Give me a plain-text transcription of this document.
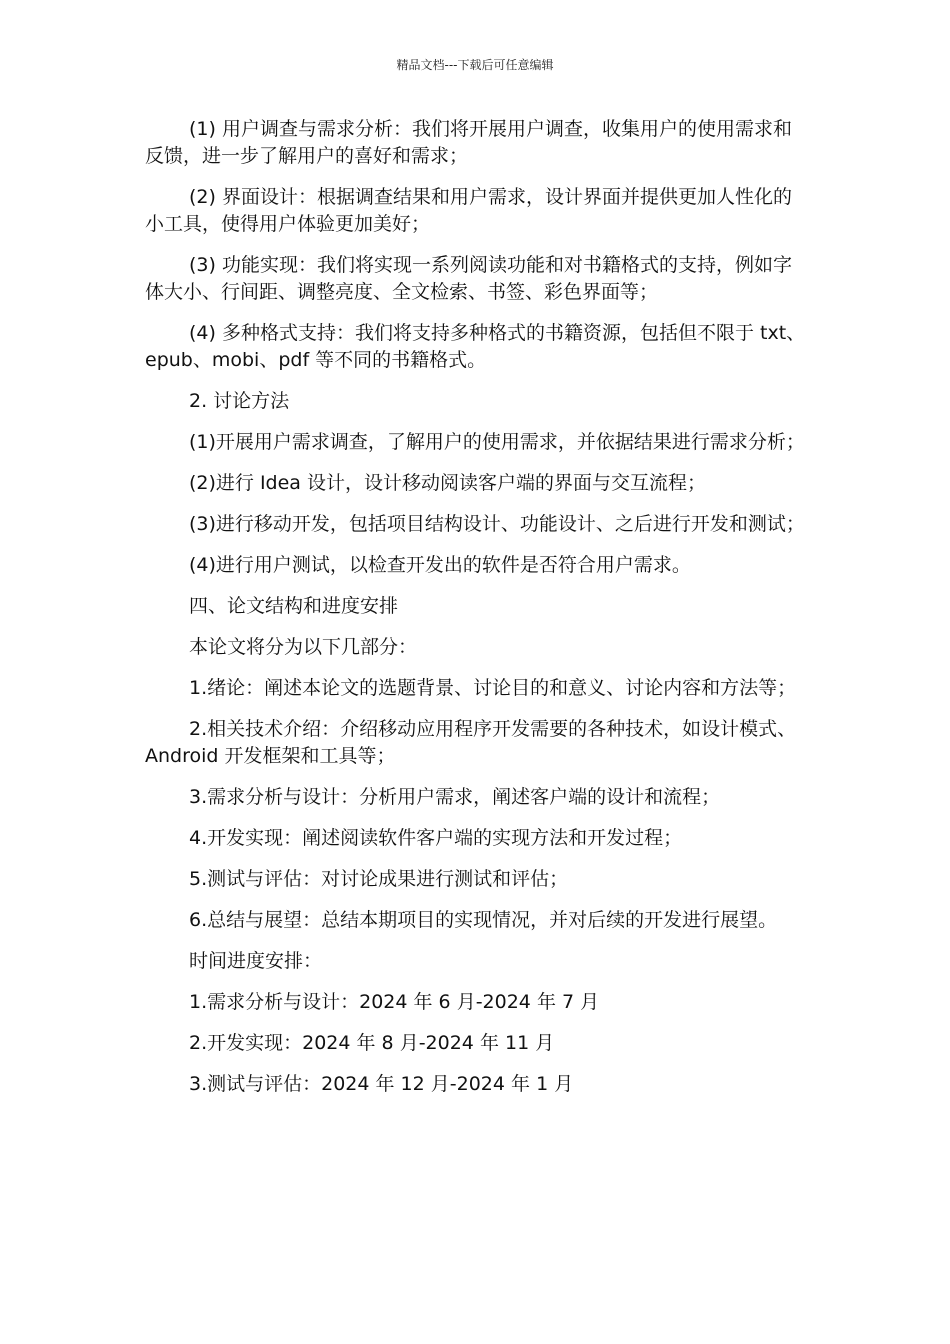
精品文档---下载后可任意编辑

(1) 用户调查与需求分析：我们将开展用户调查，收集用户的使用需求和反馈，进一步了解用户的喜好和需求；

(2) 界面设计：根据调查结果和用户需求，设计界面并提供更加人性化的小工具，使得用户体验更加美好；

(3) 功能实现：我们将实现一系列阅读功能和对书籍格式的支持，例如字体大小、行间距、调整亮度、全文检索、书签、彩色界面等；

(4) 多种格式支持：我们将支持多种格式的书籍资源，包括但不限于 txt、epub、mobi、pdf 等不同的书籍格式。

2. 讨论方法

(1)开展用户需求调查，了解用户的使用需求，并依据结果进行需求分析；

(2)进行 Idea 设计，设计移动阅读客户端的界面与交互流程；

(3)进行移动开发，包括项目结构设计、功能设计、之后进行开发和测试；

(4)进行用户测试，以检查开发出的软件是否符合用户需求。

四、论文结构和进度安排

本论文将分为以下几部分：

1.绪论：阐述本论文的选题背景、讨论目的和意义、讨论内容和方法等；

2.相关技术介绍：介绍移动应用程序开发需要的各种技术，如设计模式、Android 开发框架和工具等；

3.需求分析与设计：分析用户需求，阐述客户端的设计和流程；

4.开发实现：阐述阅读软件客户端的实现方法和开发过程；

5.测试与评估：对讨论成果进行测试和评估；

6.总结与展望：总结本期项目的实现情况，并对后续的开发进行展望。

时间进度安排：

1.需求分析与设计：2024 年 6 月-2024 年 7 月

2.开发实现：2024 年 8 月-2024 年 11 月

3.测试与评估：2024 年 12 月-2024 年 1 月
